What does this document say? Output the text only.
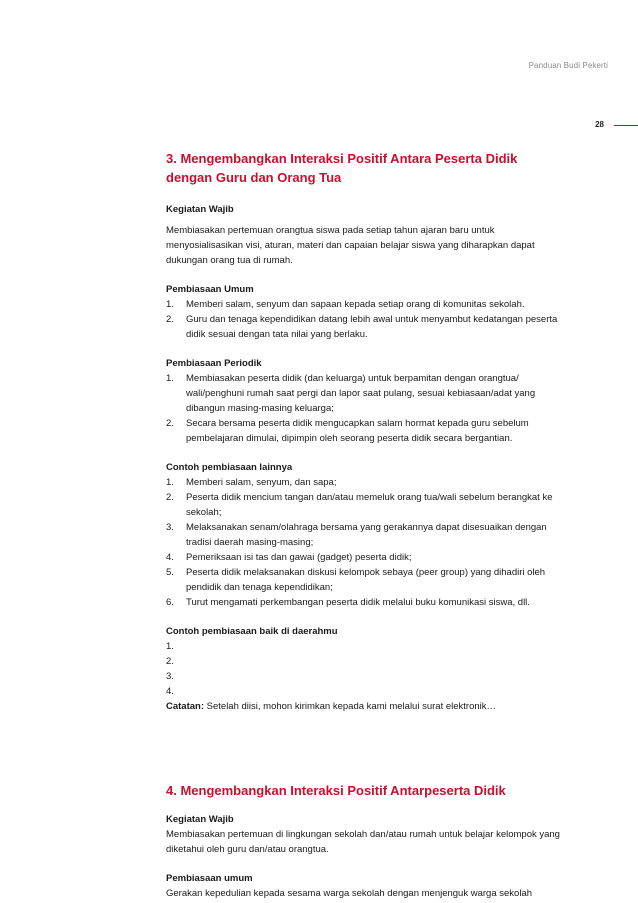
Panduan Budi Pekerti
28
3. Mengembangkan Interaksi Positif Antara Peserta Didik dengan Guru dan Orang Tua
Kegiatan Wajib

Membiasakan pertemuan orangtua siswa pada setiap tahun ajaran baru untuk menyosialisasikan visi, aturan, materi dan capaian belajar siswa yang diharapkan dapat dukungan orang tua di rumah.

Pembiasaan Umum
1.	Memberi salam, senyum dan sapaan kepada setiap orang di komunitas sekolah.
2.	Guru dan tenaga kependidikan datang lebih awal untuk menyambut kedatangan peserta didik sesuai dengan tata nilai yang berlaku.
Pembiasaan Periodik
1.	Membiasakan peserta didik (dan keluarga) untuk berpamitan dengan orangtua/ wali/penghuni rumah saat pergi dan lapor saat pulang, sesuai kebiasaan/adat yang dibangun masing-masing keluarga;
2.	Secara bersama peserta didik mengucapkan salam hormat kepada guru sebelum pembelajaran dimulai, dipimpin oleh seorang peserta didik secara bergantian.
Contoh pembiasaan lainnya
1.	Memberi salam, senyum, dan sapa;
2.	Peserta didik mencium tangan dan/atau memeluk orang tua/wali sebelum berangkat ke sekolah;
3.	Melaksanakan senam/olahraga bersama yang gerakannya dapat disesuaikan dengan tradisi daerah masing-masing;
4.	Pemeriksaan isi tas dan gawai (gadget) peserta didik;
5.	Peserta didik melaksanakan diskusi kelompok sebaya (peer group) yang dihadiri oleh pendidik dan tenaga kependidikan;
6.	Turut mengamati perkembangan peserta didik melalui buku komunikasi siswa, dll.
Contoh pembiasaan baik di daerahmu
1.
2.
3.
4.

Catatan: Setelah diisi, mohon kirimkan kepada kami melalui surat elektronik…

4. Mengembangkan Interaksi Positif Antarpeserta Didik
Kegiatan Wajib

Membiasakan pertemuan di lingkungan sekolah dan/atau rumah untuk belajar kelompok yang diketahui oleh guru dan/atau orangtua.

Pembiasaan umum

Gerakan kepedulian kepada sesama warga sekolah dengan menjenguk warga sekolah
